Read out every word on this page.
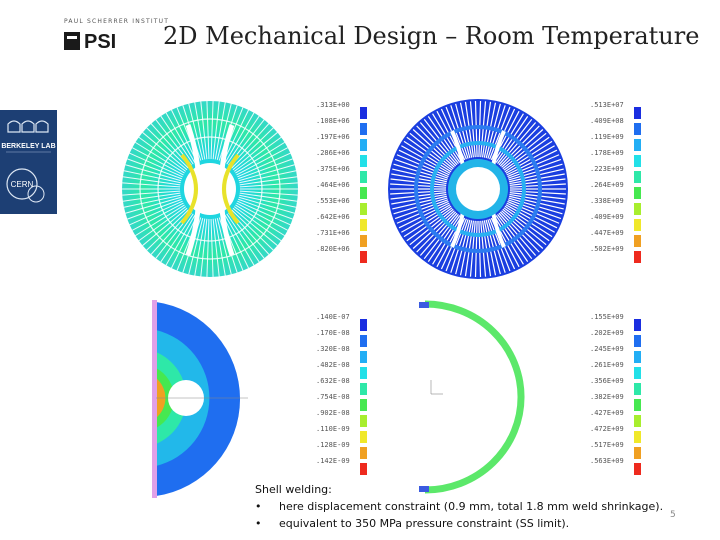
PAUL SCHERRER INSTITUT
PSI 2D Mechanical Design – Room Temperature
BERKELEY LAB
CERN
.313E+00
.108E+06
.197E+06
.286E+06
.375E+06
.464E+06
.553E+06
.642E+06
.731E+06
.820E+06
.513E+07
.409E+08
.119E+09
.178E+09
.223E+09
.264E+09
.338E+09
.409E+09
.447E+09
.502E+09
.140E-07
.170E-08
.320E-08
.482E-08
.632E-08
.754E-08
.902E-08
.110E-09
.128E-09
.142E-09
.155E+09
.202E+09
.245E+09
.261E+09
.356E+09
.382E+09
.427E+09
.472E+09
.517E+09
.563E+09
Shell welding:
•	here displacement constraint (0.9 mm, total 1.8 mm weld shrinkage).
•	equivalent to 350 MPa pressure constraint (SS limit).
5
